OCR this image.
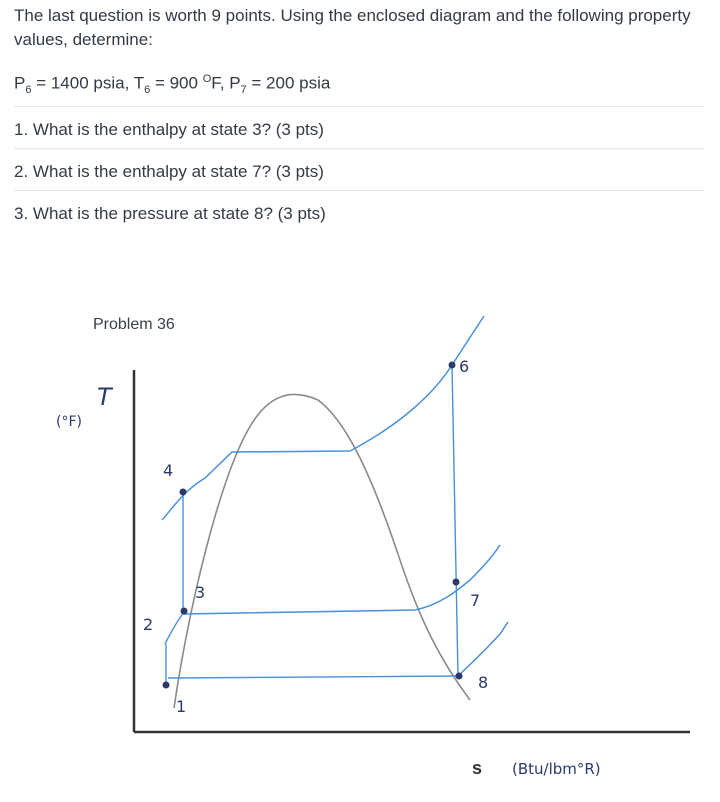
The last question is worth 9 points. Using the enclosed diagram and the following property values, determine:
$P_6 = 1400$ psia, $T_6 = 900$ $^O$F, $P_7 = 200$ psia
1. What is the enthalpy at state 3? (3 pts)
2. What is the enthalpy at state 7? (3 pts)
3. What is the pressure at state 8? (3 pts)
Problem 36
1
2
3
4
6
7
8
T
(°F)
s (Btu/lbm°R)
